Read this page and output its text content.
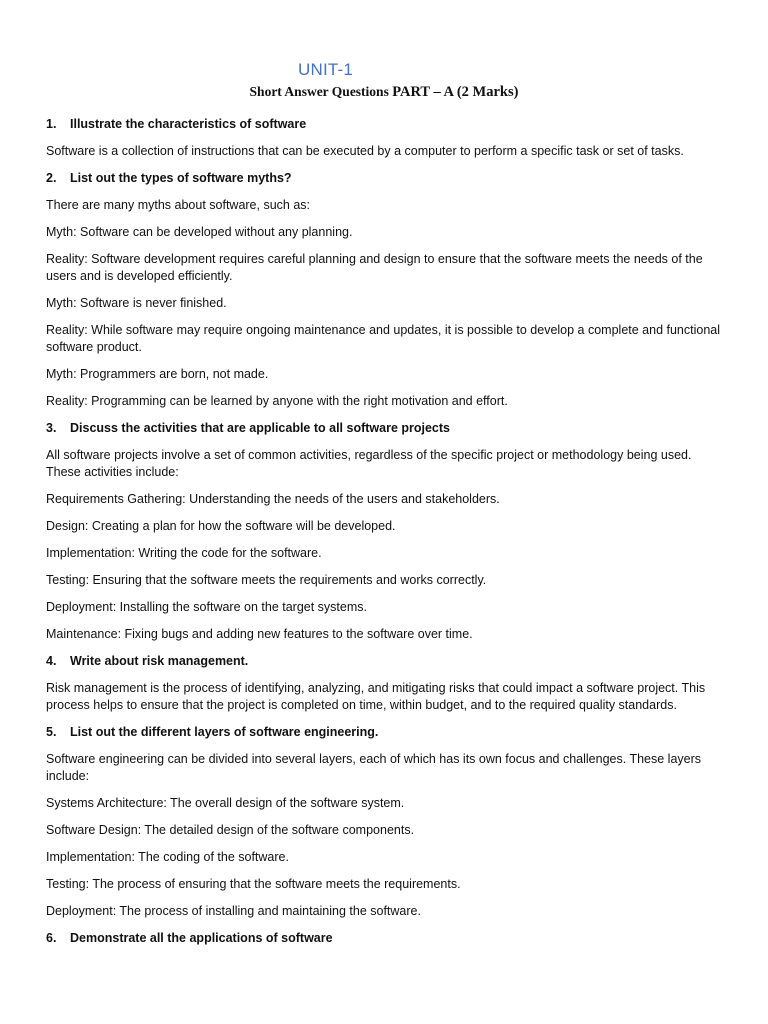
UNIT-1
Short Answer Questions PART – A (2 Marks)
1.	Illustrate the characteristics of software
Software is a collection of instructions that can be executed by a computer to perform a specific task or set of tasks.
2.	List out the types of software myths?
There are many myths about software, such as:
Myth: Software can be developed without any planning.
Reality: Software development requires careful planning and design to ensure that the software meets the needs of the users and is developed efficiently.
Myth: Software is never finished.
Reality: While software may require ongoing maintenance and updates, it is possible to develop a complete and functional software product.
Myth: Programmers are born, not made.
Reality: Programming can be learned by anyone with the right motivation and effort.
3.	Discuss the activities that are applicable to all software projects
All software projects involve a set of common activities, regardless of the specific project or methodology being used. These activities include:
Requirements Gathering: Understanding the needs of the users and stakeholders.
Design: Creating a plan for how the software will be developed.
Implementation: Writing the code for the software.
Testing: Ensuring that the software meets the requirements and works correctly.
Deployment: Installing the software on the target systems.
Maintenance: Fixing bugs and adding new features to the software over time.
4.	Write about risk management.
Risk management is the process of identifying, analyzing, and mitigating risks that could impact a software project. This process helps to ensure that the project is completed on time, within budget, and to the required quality standards.
5.	List out the different layers of software engineering.
Software engineering can be divided into several layers, each of which has its own focus and challenges. These layers include:
Systems Architecture: The overall design of the software system.
Software Design: The detailed design of the software components.
Implementation: The coding of the software.
Testing: The process of ensuring that the software meets the requirements.
Deployment: The process of installing and maintaining the software.
6.	Demonstrate all the applications of software
